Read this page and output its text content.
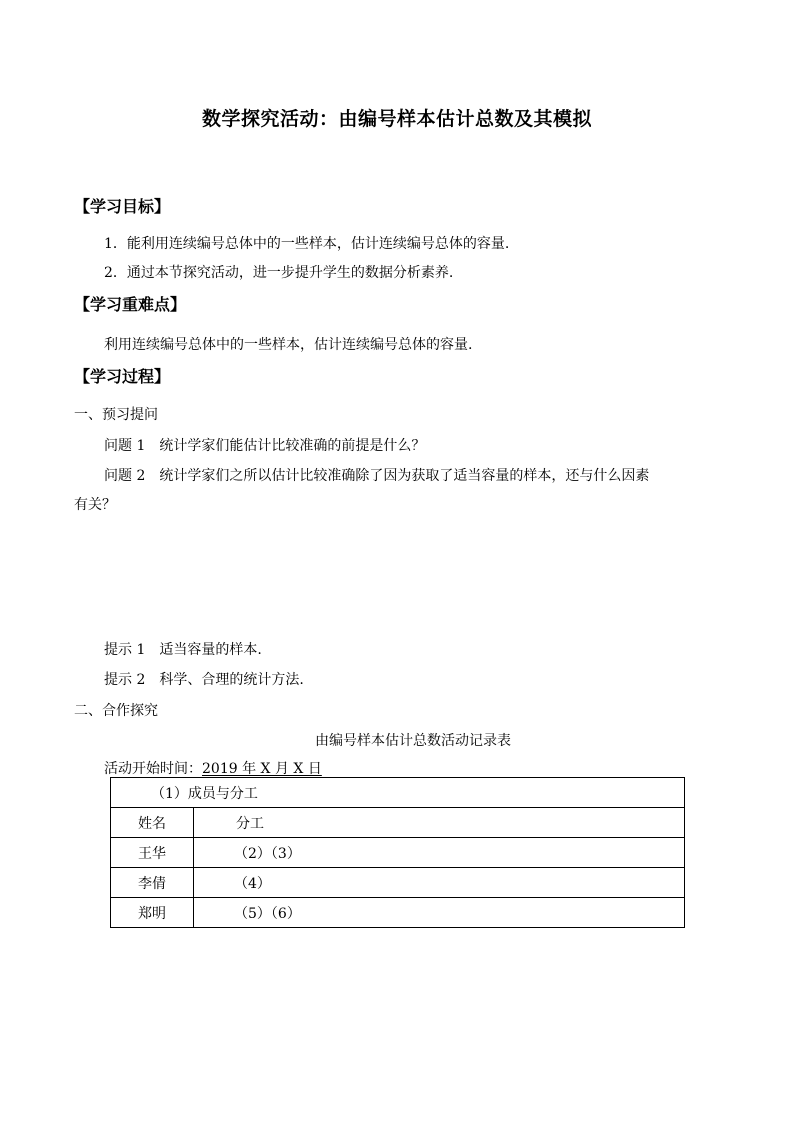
数学探究活动：由编号样本估计总数及其模拟
【学习目标】
1．能利用连续编号总体中的一些样本，估计连续编号总体的容量.
2．通过本节探究活动，进一步提升学生的数据分析素养.
【学习重难点】
利用连续编号总体中的一些样本，估计连续编号总体的容量.
【学习过程】
一、预习提问
问题 1　统计学家们能估计比较准确的前提是什么？
问题 2　统计学家们之所以估计比较准确除了因为获取了适当容量的样本，还与什么因素
有关？
提示 1　适当容量的样本.
提示 2　科学、合理的统计方法.
二、合作探究
由编号样本估计总数活动记录表
活动开始时间：2019 年 X 月 X 日
（1）成员与分工	
姓名	分工
王华	（2）（3）
李倩	（4）
郑明	（5）（6）
